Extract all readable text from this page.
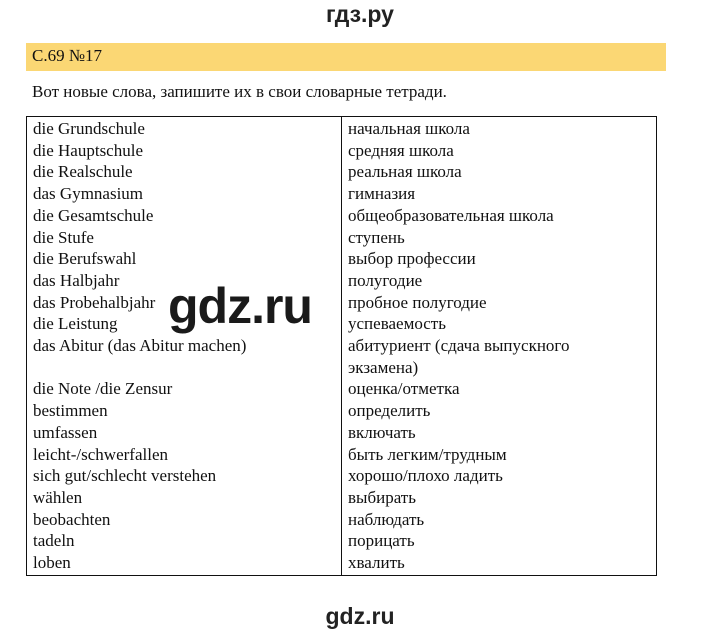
гдз.ру
С.69 №17
Вот новые слова, запишите их в свои словарные тетради.
die Grundschule	начальная школа
die Hauptschule	средняя школа
die Realschule	реальная школа
das Gymnasium	гимназия
die Gesamtschule	общеобразовательная школа
die Stufe	ступень
die Berufswahl	выбор профессии
das Halbjahr	полугодие
das Probehalbjahr	пробное полугодие
die Leistung	успеваемость
das Abitur (das Abitur machen)	абитуриент (сдача выпускного
экзамена)

die Note /die Zensur	оценка/отметка
bestimmen	определить
umfassen	включать
leicht-/schwerfallen	быть легким/трудным
sich gut/schlecht verstehen	хорошо/плохо ладить
wählen	выбирать
beobachten	наблюдать
tadeln	порицать
loben	хвалить
gdz.ru
gdz.ru
